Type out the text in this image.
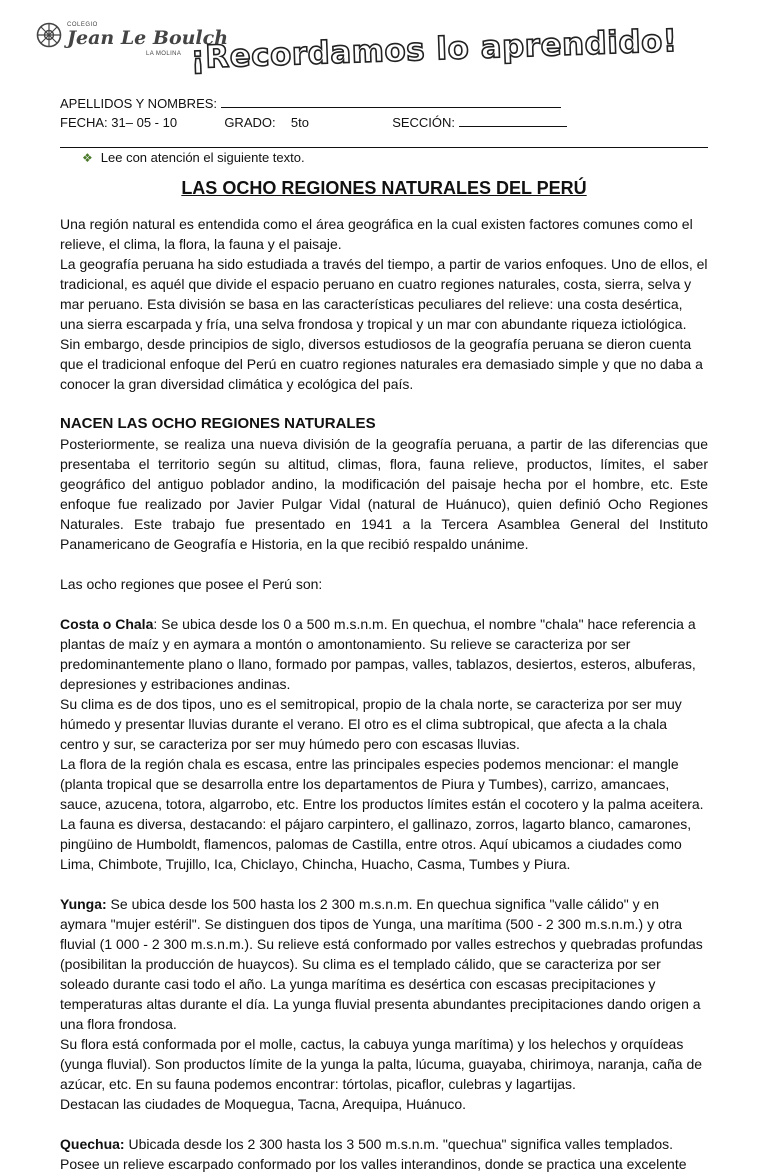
COLEGIO
Jean Le Boulch
LA MOLINA ¡Recordamos lo aprendido!
APELLIDOS Y NOMBRES:
FECHA: 31– 05 - 10	GRADO: 5to	SECCIÓN:
❖ Lee con atención el siguiente texto.
LAS OCHO REGIONES NATURALES DEL PERÚ

Una región natural es entendida como el área geográfica en la cual existen factores comunes como el relieve, el clima, la flora, la fauna y el paisaje.

La geografía peruana ha sido estudiada a través del tiempo, a partir de varios enfoques. Uno de ellos, el tradicional, es aquél que divide el espacio peruano en cuatro regiones naturales, costa, sierra, selva y mar peruano. Esta división se basa en las características peculiares del relieve: una costa desértica, una sierra escarpada y fría, una selva frondosa y tropical y un mar con abundante riqueza ictiológica.

Sin embargo, desde principios de siglo, diversos estudiosos de la geografía peruana se dieron cuenta que el tradicional enfoque del Perú en cuatro regiones naturales era demasiado simple y que no daba a conocer la gran diversidad climática y ecológica del país.

NACEN LAS OCHO REGIONES NATURALES

Posteriormente, se realiza una nueva división de la geografía peruana, a partir de las diferencias que presentaba el territorio según su altitud, climas, flora, fauna relieve, productos, límites, el saber geográfico del antiguo poblador andino, la modificación del paisaje hecha por el hombre, etc. Este enfoque fue realizado por Javier Pulgar Vidal (natural de Huánuco), quien definió Ocho Regiones Naturales. Este trabajo fue presentado en 1941 a la Tercera Asamblea General del Instituto Panamericano de Geografía e Historia, en la que recibió respaldo unánime.

Las ocho regiones que posee el Perú son:

Costa o Chala: Se ubica desde los 0 a 500 m.s.n.m. En quechua, el nombre "chala" hace referencia a plantas de maíz y en aymara a montón o amontonamiento. Su relieve se caracteriza por ser predominantemente plano o llano, formado por pampas, valles, tablazos, desiertos, esteros, albuferas, depresiones y estribaciones andinas.

Su clima es de dos tipos, uno es el semitropical, propio de la chala norte, se caracteriza por ser muy húmedo y presentar lluvias durante el verano. El otro es el clima subtropical, que afecta a la chala centro y sur, se caracteriza por ser muy húmedo pero con escasas lluvias.

La flora de la región chala es escasa, entre las principales especies podemos mencionar: el mangle (planta tropical que se desarrolla entre los departamentos de Piura y Tumbes), carrizo, amancaes, sauce, azucena, totora, algarrobo, etc. Entre los productos límites están el cocotero y la palma aceitera.

La fauna es diversa, destacando: el pájaro carpintero, el gallinazo, zorros, lagarto blanco, camarones, pingüino de Humboldt, flamencos, palomas de Castilla, entre otros. Aquí ubicamos a ciudades como Lima, Chimbote, Trujillo, Ica, Chiclayo, Chincha, Huacho, Casma, Tumbes y Piura.

Yunga: Se ubica desde los 500 hasta los 2 300 m.s.n.m. En quechua significa "valle cálido" y en aymara "mujer estéril". Se distinguen dos tipos de Yunga, una marítima (500 - 2 300 m.s.n.m.) y otra fluvial (1 000 - 2 300 m.s.n.m.). Su relieve está conformado por valles estrechos y quebradas profundas (posibilitan la producción de huaycos). Su clima es el templado cálido, que se caracteriza por ser soleado durante casi todo el año. La yunga marítima es desértica con escasas precipitaciones y temperaturas altas durante el día. La yunga fluvial presenta abundantes precipitaciones dando origen a una flora frondosa.

Su flora está conformada por el molle, cactus, la cabuya yunga marítima) y los helechos y orquídeas (yunga fluvial). Son productos límite de la yunga la palta, lúcuma, guayaba, chirimoya, naranja, caña de azúcar, etc. En su fauna podemos encontrar: tórtolas, picaflor, culebras y lagartijas.

Destacan las ciudades de Moquegua, Tacna, Arequipa, Huánuco.

Quechua: Ubicada desde los 2 300 hasta los 3 500 m.s.n.m. "quechua" significa valles templados. Posee un relieve escarpado conformado por los valles interandinos, donde se practica una excelente
